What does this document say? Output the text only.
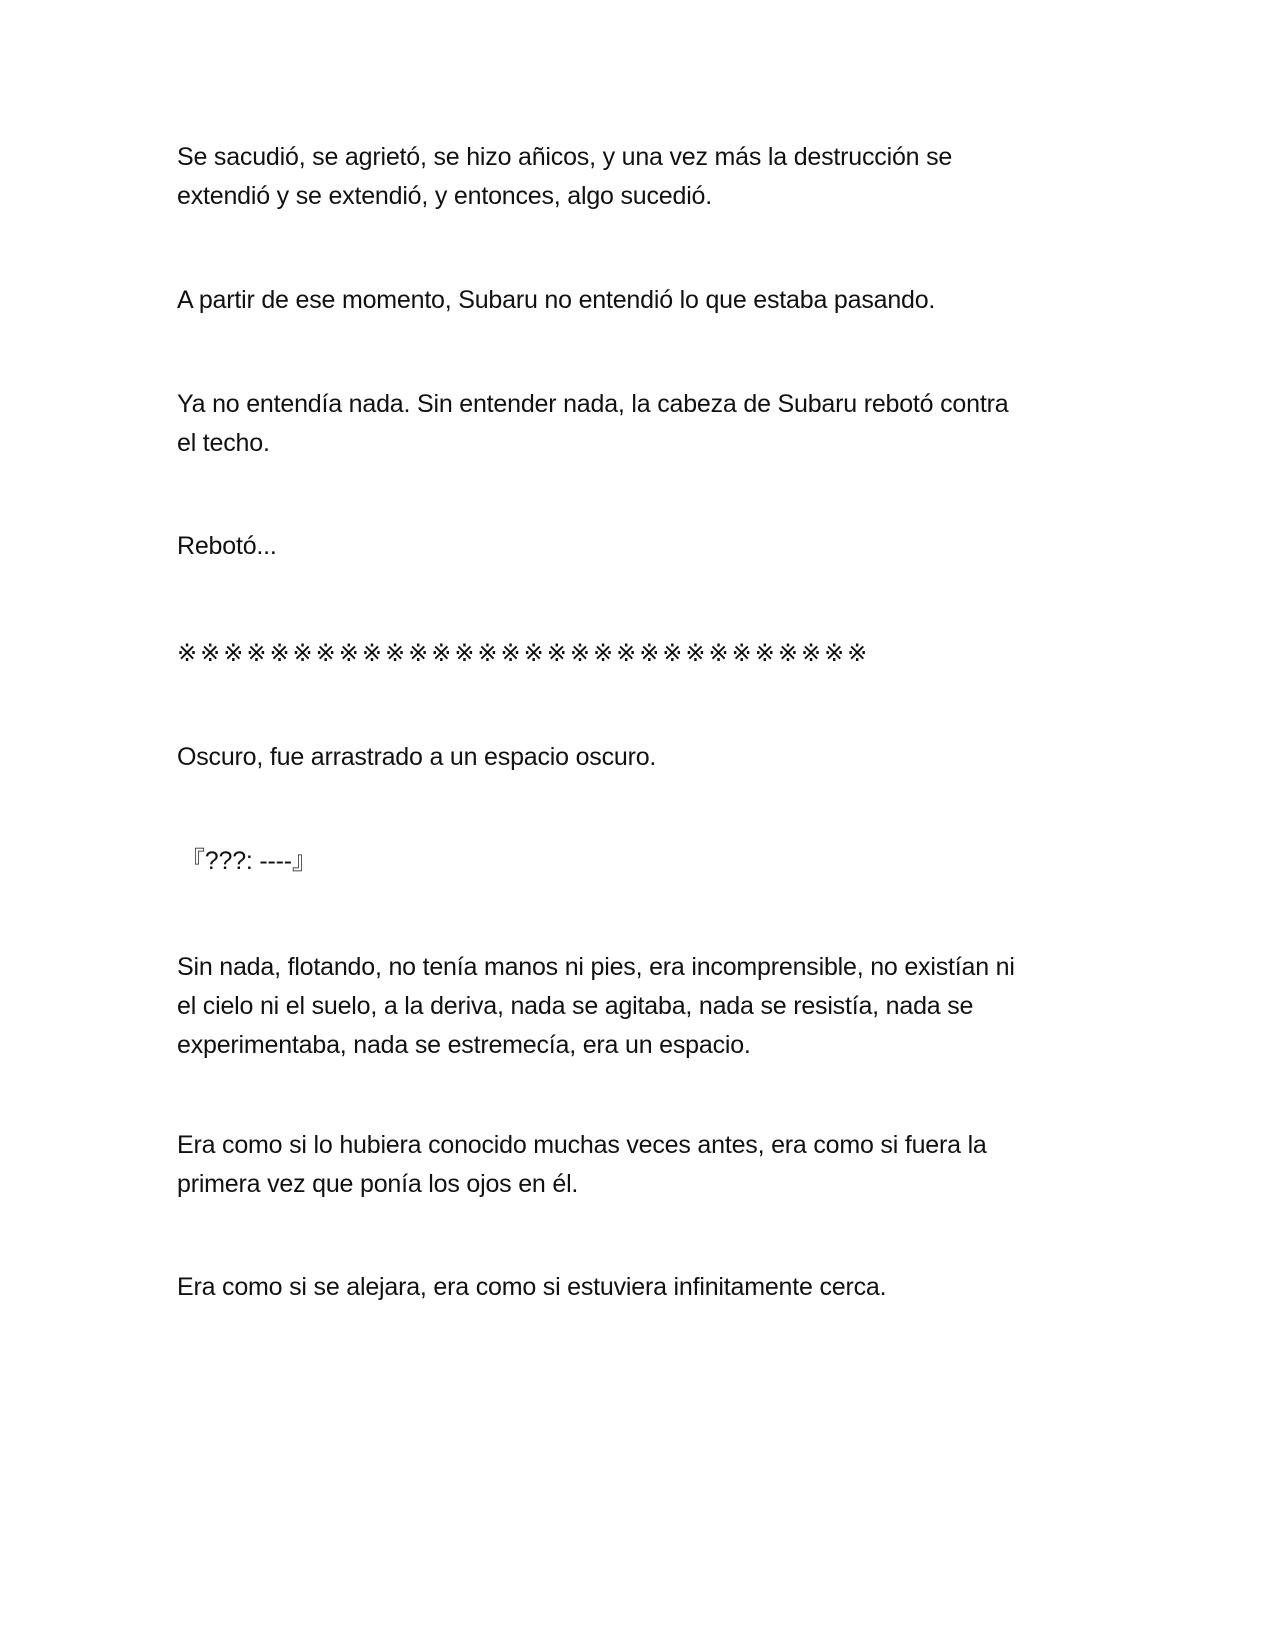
Se sacudió, se agrietó, se hizo añicos, y una vez más la destrucción se
extendió y se extendió, y entonces, algo sucedió.

A partir de ese momento, Subaru no entendió lo que estaba pasando.

Ya no entendía nada. Sin entender nada, la cabeza de Subaru rebotó contra
el techo.

Rebotó...

※※※※※※※※※※※※※※※※※※※※※※※※※※※※※※

Oscuro, fue arrastrado a un espacio oscuro.

『???: ----』

Sin nada, flotando, no tenía manos ni pies, era incomprensible, no existían ni
el cielo ni el suelo, a la deriva, nada se agitaba, nada se resistía, nada se
experimentaba, nada se estremecía, era un espacio.

Era como si lo hubiera conocido muchas veces antes, era como si fuera la
primera vez que ponía los ojos en él.

Era como si se alejara, era como si estuviera infinitamente cerca.
